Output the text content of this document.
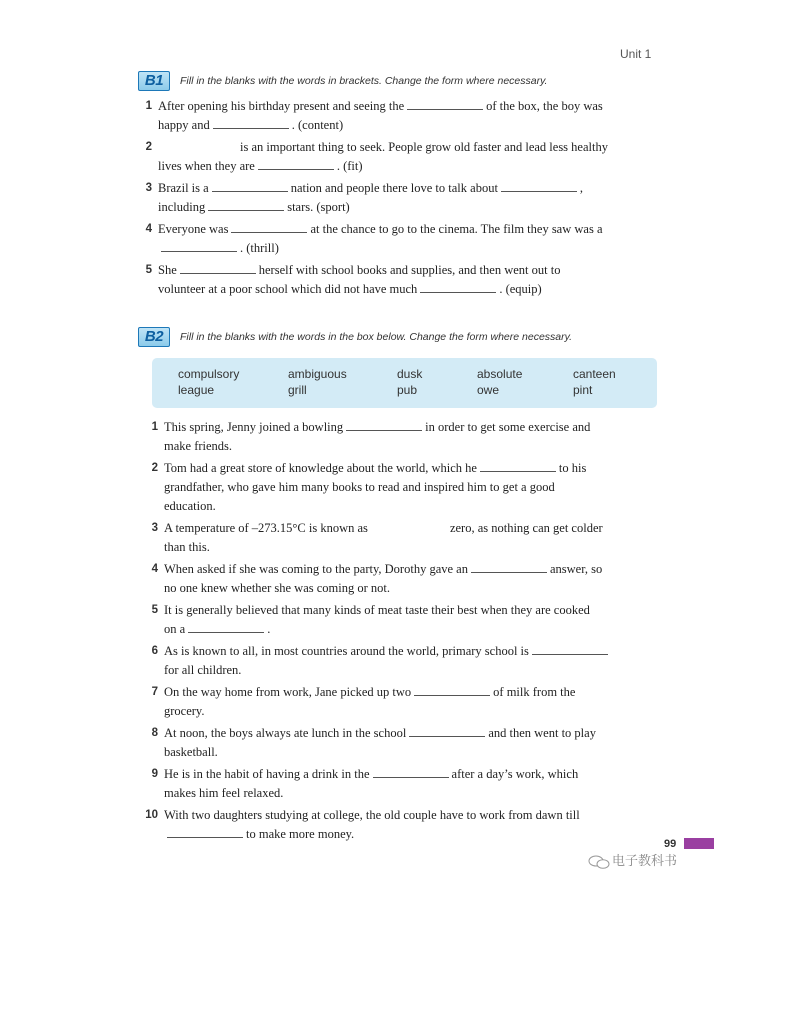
Unit 1
B1	Fill in the blanks with the words in brackets. Change the form where necessary.
1 After opening his birthday present and seeing the	of the box, the boy was
happy and	. (content)
2	is an important thing to seek. People grow old faster and lead less healthy
lives when they are	. (fit)
3 Brazil is a	nation and people there love to talk about	,
including	stars. (sport)
4 Everyone was	at the chance to go to the cinema. The film they saw was a
. (thrill)
5 She	herself with school books and supplies, and then went out to
volunteer at a poor school which did not have much	. (equip)
B2	Fill in the blanks with the words in the box below. Change the form where necessary.
compulsory	ambiguous	dusk	absolute	canteen
league	grill	pub	owe	pint
1 This spring, Jenny joined a bowling	in order to get some exercise and
make friends.
2 Tom had a great store of knowledge about the world, which he	to his
grandfather, who gave him many books to read and inspired him to get a good
education.
3 A temperature of –273.15°C is known as	zero, as nothing can get colder
than this.
4 When asked if she was coming to the party, Dorothy gave an	answer, so
no one knew whether she was coming or not.
5 It is generally believed that many kinds of meat taste their best when they are cooked
on a	.
6 As is known to all, in most countries around the world, primary school is
for all children.
7 On the way home from work, Jane picked up two	of milk from the
grocery.
8 At noon, the boys always ate lunch in the school	and then went to play
basketball.
9 He is in the habit of having a drink in the	after a day’s work, which
makes him feel relaxed.
10 With two daughters studying at college, the old couple have to work from dawn till
to make more money.
99
电子教科书
